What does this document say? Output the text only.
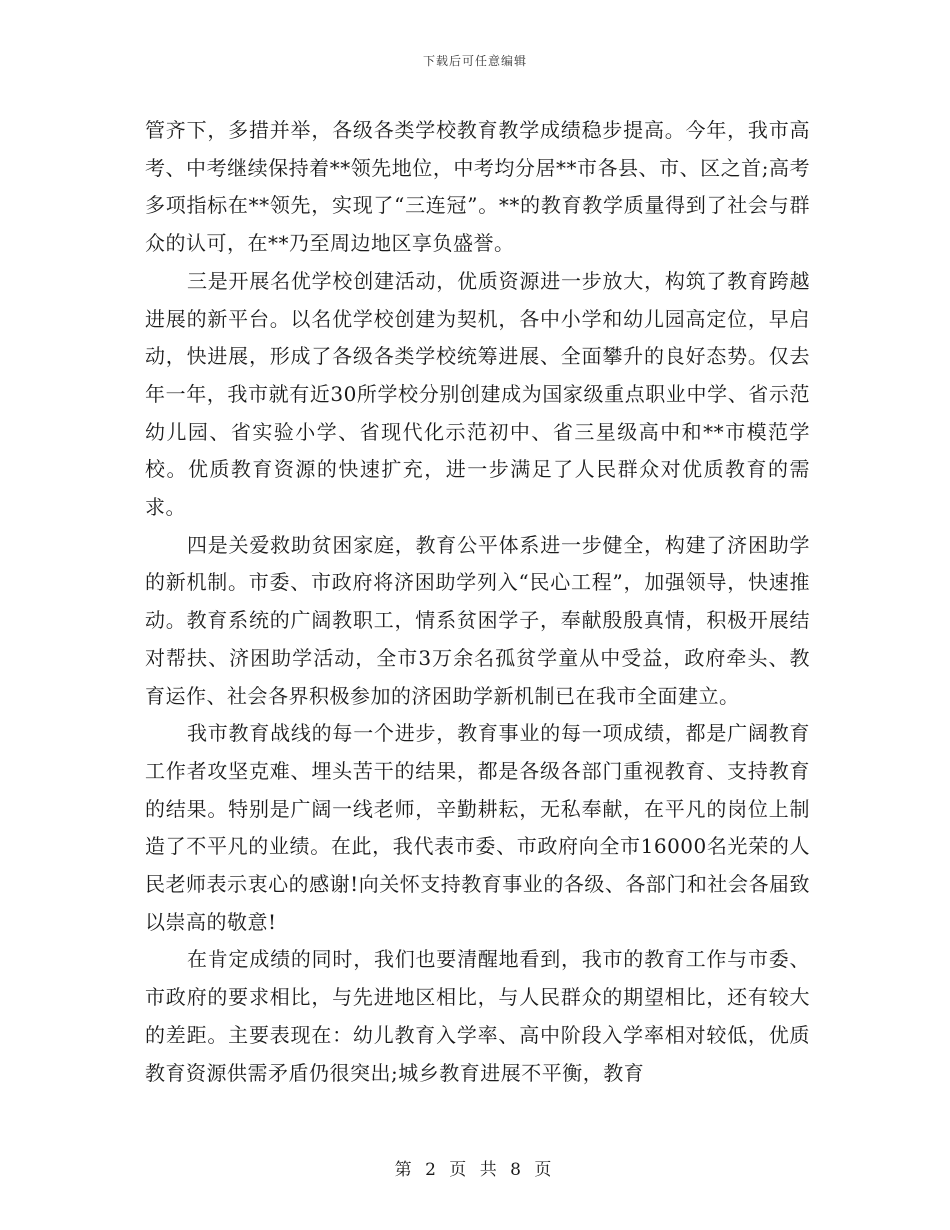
下载后可任意编辑

管齐下，多措并举，各级各类学校教育教学成绩稳步提高。今年，我市高考、中考继续保持着**领先地位，中考均分居**市各县、市、区之首;高考多项指标在**领先，实现了“三连冠”。**的教育教学质量得到了社会与群众的认可，在**乃至周边地区享负盛誉。

三是开展名优学校创建活动，优质资源进一步放大，构筑了教育跨越进展的新平台。以名优学校创建为契机，各中小学和幼儿园高定位，早启动，快进展，形成了各级各类学校统筹进展、全面攀升的良好态势。仅去年一年，我市就有近30所学校分别创建成为国家级重点职业中学、省示范幼儿园、省实验小学、省现代化示范初中、省三星级高中和**市模范学校。优质教育资源的快速扩充，进一步满足了人民群众对优质教育的需求。

四是关爱救助贫困家庭，教育公平体系进一步健全，构建了济困助学的新机制。市委、市政府将济困助学列入“民心工程”，加强领导，快速推动。教育系统的广阔教职工，情系贫困学子，奉献殷殷真情，积极开展结对帮扶、济困助学活动，全市3万余名孤贫学童从中受益，政府牵头、教育运作、社会各界积极参加的济困助学新机制已在我市全面建立。

我市教育战线的每一个进步，教育事业的每一项成绩，都是广阔教育工作者攻坚克难、埋头苦干的结果，都是各级各部门重视教育、支持教育的结果。特别是广阔一线老师，辛勤耕耘，无私奉献，在平凡的岗位上制造了不平凡的业绩。在此，我代表市委、市政府向全市16000名光荣的人民老师表示衷心的感谢!向关怀支持教育事业的各级、各部门和社会各届致以崇高的敬意!

在肯定成绩的同时，我们也要清醒地看到，我市的教育工作与市委、市政府的要求相比，与先进地区相比，与人民群众的期望相比，还有较大的差距。主要表现在：幼儿教育入学率、高中阶段入学率相对较低，优质教育资源供需矛盾仍很突出;城乡教育进展不平衡，教育

第 2 页 共 8 页
